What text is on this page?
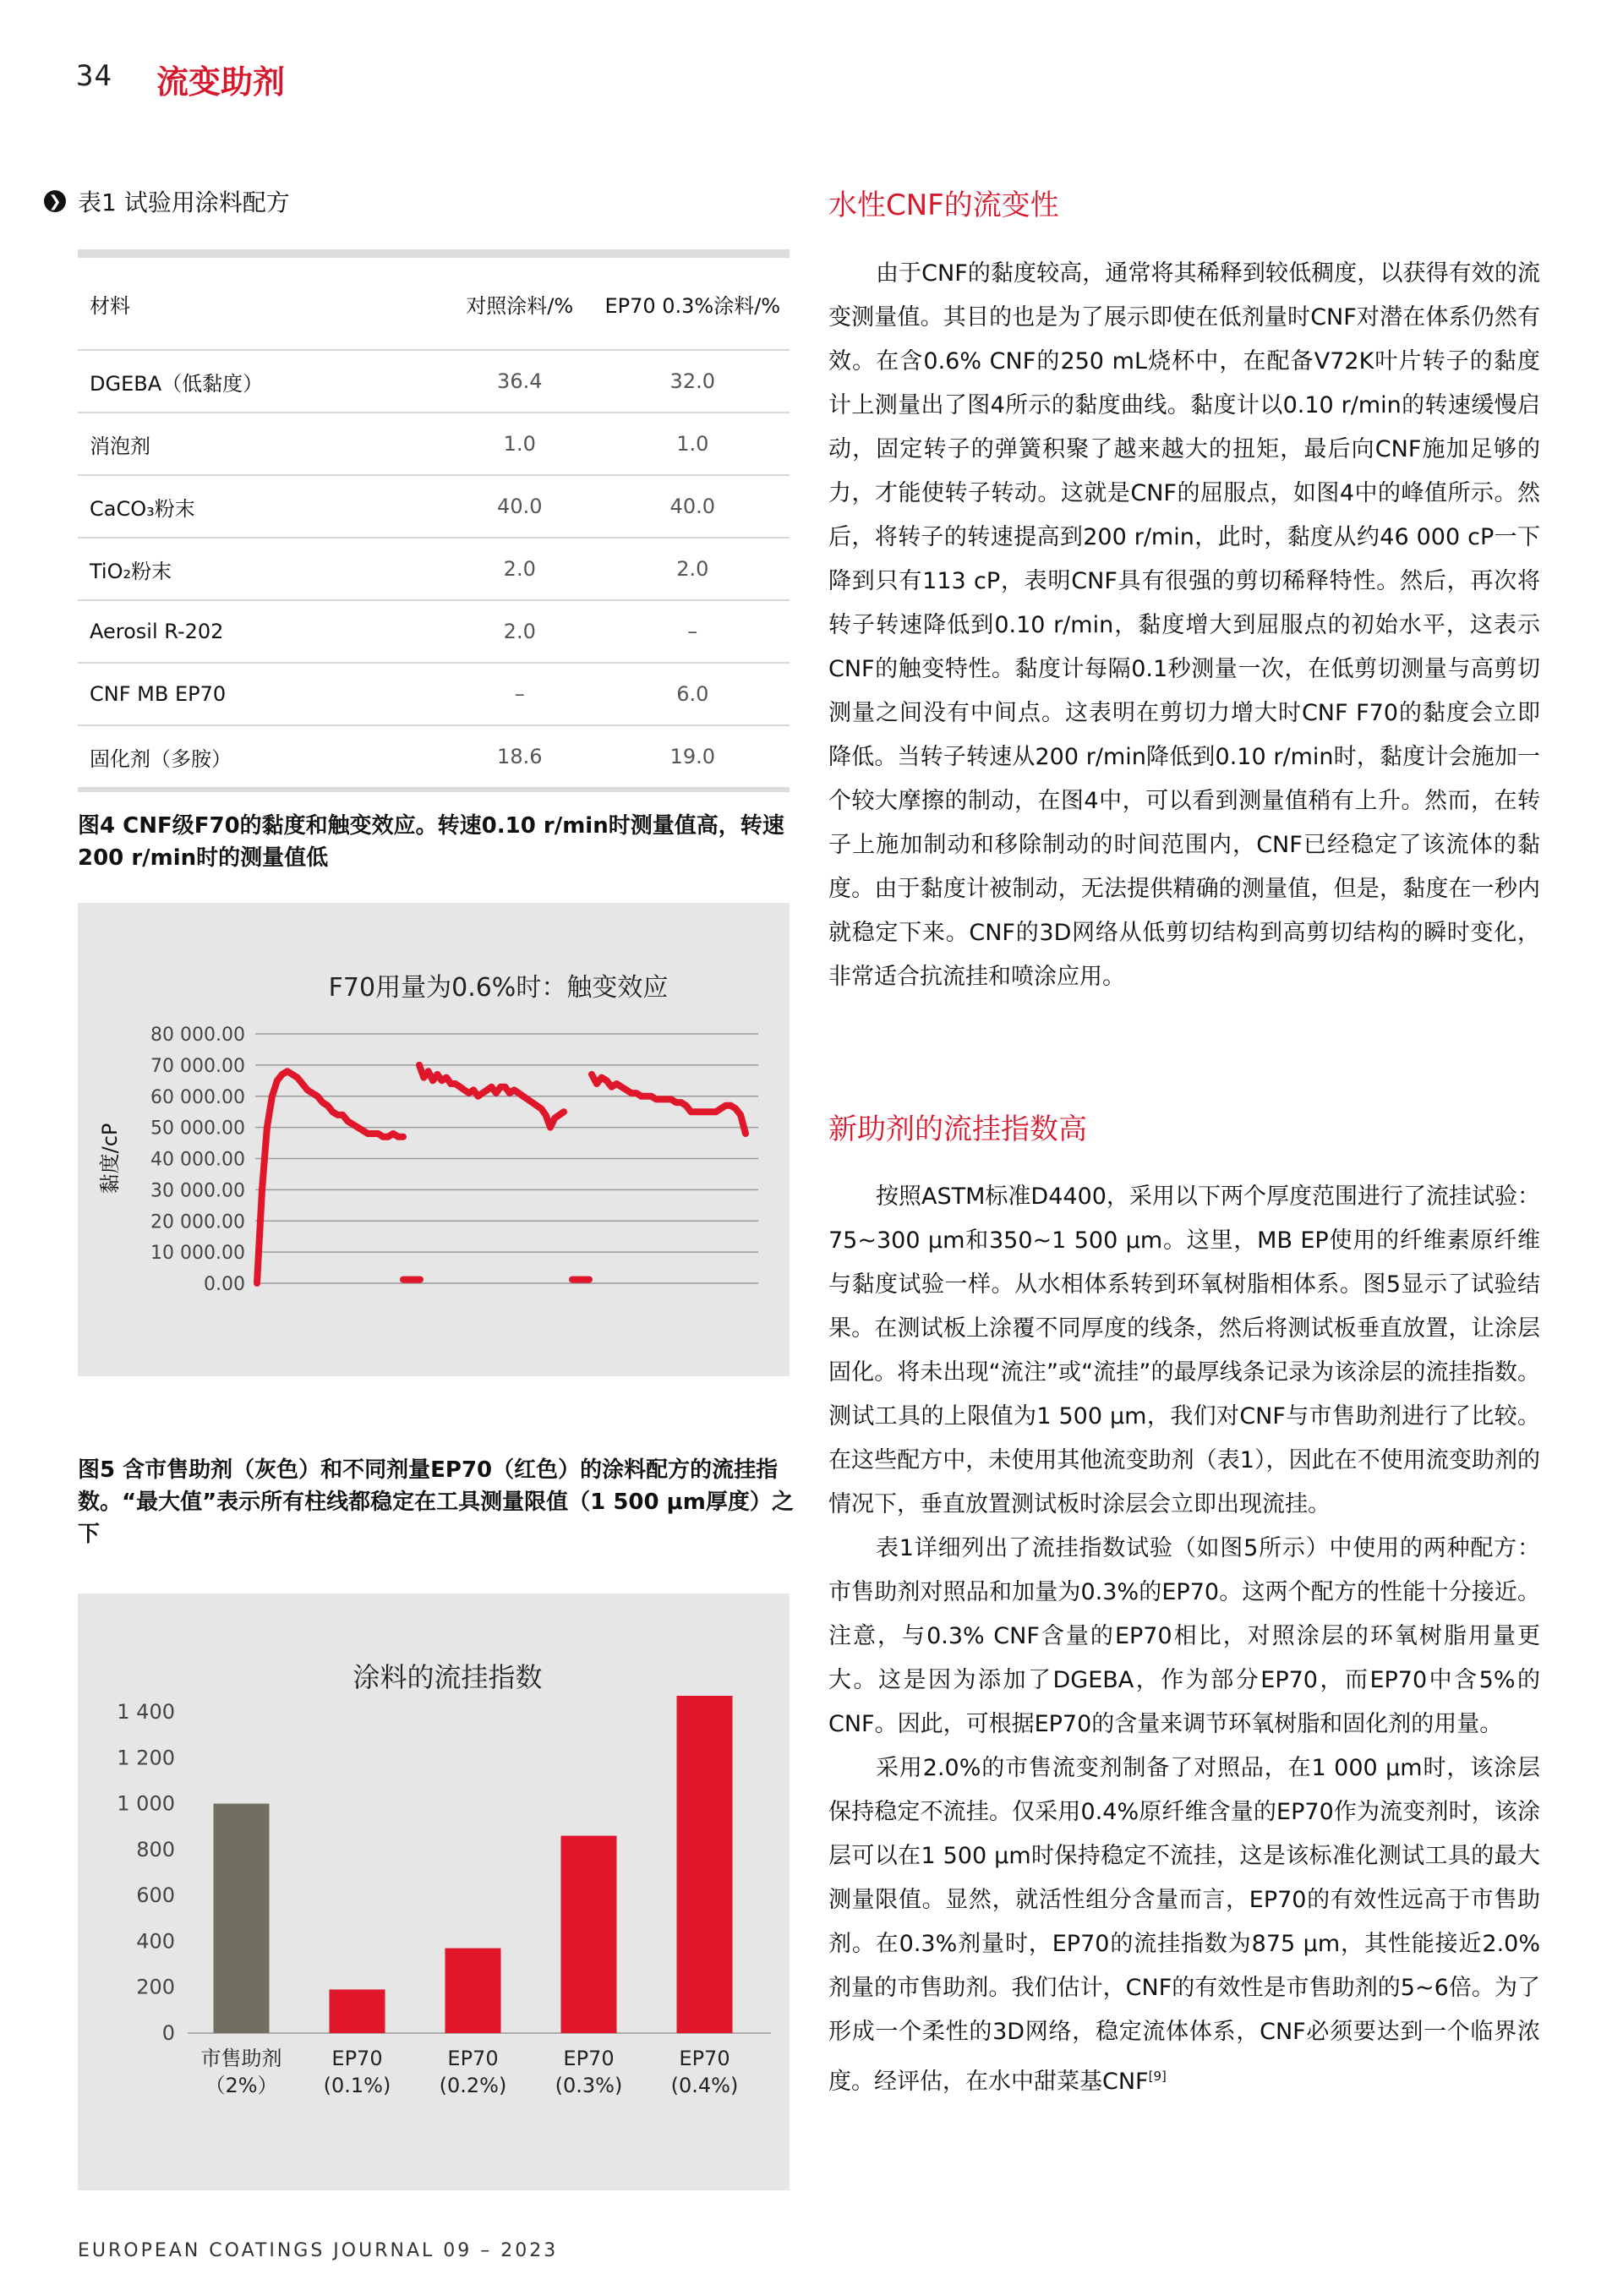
34 流变助剂
❯ 表1 试验用涂料配方
材料	对照涂料/%	EP70 0.3%涂料/%
DGEBA（低黏度）	36.4	32.0
消泡剂	1.0	1.0
CaCO₃粉末	40.0	40.0
TiO₂粉末	2.0	2.0
Aerosil R-202	2.0	–
CNF MB EP70	–	6.0
固化剂（多胺）	18.6	19.0
图4 CNF级F70的黏度和触变效应。转速0.10 r/min时测量值高，转速200 r/min时的测量值低
F70用量为0.6%时：触变效应
0.00
10 000.00
20 000.00
30 000.00
40 000.00
50 000.00
60 000.00
70 000.00
80 000.00
黏度/cP
图5 含市售助剂（灰色）和不同剂量EP70（红色）的涂料配方的流挂指数。“最大值”表示所有柱线都稳定在工具测量限值（1 500 μm厚度）之下
涂料的流挂指数
0
200
400
600
800
1 000
1 200
1 400
市售助剂
（2%）
EP70
(0.1%)
EP70
(0.2%)
EP70
(0.3%)
EP70
(0.4%)
水性CNF的流变性

由于CNF的黏度较高，通常将其稀释到较低稠度，以获得有效的流变测量值。其目的也是为了展示即使在低剂量时CNF对潜在体系仍然有效。在含0.6% CNF的250 mL烧杯中，在配备V72K叶片转子的黏度计上测量出了图4所示的黏度曲线。黏度计以0.10 r/min的转速缓慢启动，固定转子的弹簧积聚了越来越大的扭矩，最后向CNF施加足够的力，才能使转子转动。这就是CNF的屈服点，如图4中的峰值所示。然后，将转子的转速提高到200 r/min，此时，黏度从约46 000 cP一下降到只有113 cP，表明CNF具有很强的剪切稀释特性。然后，再次将转子转速降低到0.10 r/min，黏度增大到屈服点的初始水平，这表示CNF的触变特性。黏度计每隔0.1秒测量一次，在低剪切测量与高剪切测量之间没有中间点。这表明在剪切力增大时CNF F70的黏度会立即降低。当转子转速从200 r/min降低到0.10 r/min时，黏度计会施加一个较大摩擦的制动，在图4中，可以看到测量值稍有上升。然而，在转子上施加制动和移除制动的时间范围内，CNF已经稳定了该流体的黏度。由于黏度计被制动，无法提供精确的测量值，但是，黏度在一秒内就稳定下来。CNF的3D网络从低剪切结构到高剪切结构的瞬时变化，非常适合抗流挂和喷涂应用。

新助剂的流挂指数高

按照ASTM标准D4400，采用以下两个厚度范围进行了流挂试验：75~300 μm和350~1 500 μm。这里，MB EP使用的纤维素原纤维与黏度试验一样。从水相体系转到环氧树脂相体系。图5显示了试验结果。在测试板上涂覆不同厚度的线条，然后将测试板垂直放置，让涂层固化。将未出现“流注”或“流挂”的最厚线条记录为该涂层的流挂指数。测试工具的上限值为1 500 μm，我们对CNF与市售助剂进行了比较。在这些配方中，未使用其他流变助剂（表1），因此在不使用流变助剂的情况下，垂直放置测试板时涂层会立即出现流挂。

表1详细列出了流挂指数试验（如图5所示）中使用的两种配方：市售助剂对照品和加量为0.3%的EP70。这两个配方的性能十分接近。注意，与0.3% CNF含量的EP70相比，对照涂层的环氧树脂用量更大。这是因为添加了DGEBA，作为部分EP70，而EP70中含5%的CNF。因此，可根据EP70的含量来调节环氧树脂和固化剂的用量。

采用2.0%的市售流变剂制备了对照品，在1 000 μm时，该涂层保持稳定不流挂。仅采用0.4%原纤维含量的EP70作为流变剂时，该涂层可以在1 500 μm时保持稳定不流挂，这是该标准化测试工具的最大测量限值。显然，就活性组分含量而言，EP70的有效性远高于市售助剂。在0.3%剂量时，EP70的流挂指数为875 μm，其性能接近2.0%剂量的市售助剂。我们估计，CNF的有效性是市售助剂的5~6倍。为了形成一个柔性的3D网络，稳定流体体系，CNF必须要达到一个临界浓度。经评估，在水中甜菜基CNF[9]

EUROPEAN COATINGS JOURNAL 09 – 2023
